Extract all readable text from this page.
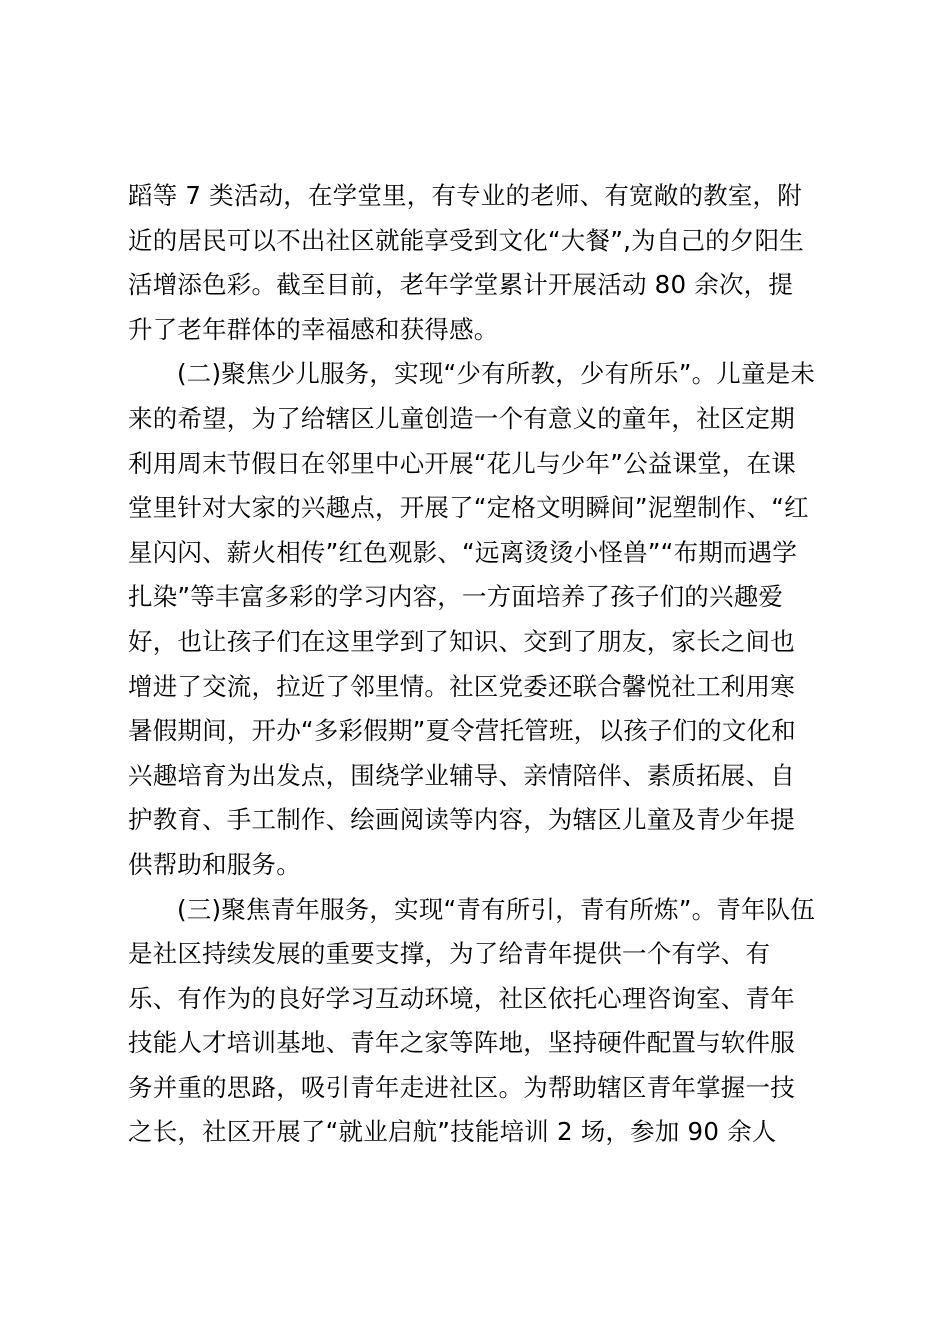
蹈等 7 类活动，在学堂里，有专业的老师、有宽敞的教室，附
近的居民可以不出社区就能享受到文化“大餐”,为自己的夕阳生
活增添色彩。截至目前，老年学堂累计开展活动 80 余次，提
升了老年群体的幸福感和获得感。
(二)聚焦少儿服务，实现“少有所教，少有所乐”。儿童是未
来的希望，为了给辖区儿童创造一个有意义的童年，社区定期
利用周末节假日在邻里中心开展“花儿与少年”公益课堂，在课
堂里针对大家的兴趣点，开展了“定格文明瞬间”泥塑制作、“红
星闪闪、薪火相传”红色观影、“远离烫烫小怪兽”“布期而遇学
扎染”等丰富多彩的学习内容，一方面培养了孩子们的兴趣爱
好，也让孩子们在这里学到了知识、交到了朋友，家长之间也
增进了交流，拉近了邻里情。社区党委还联合馨悦社工利用寒
暑假期间，开办“多彩假期”夏令营托管班，以孩子们的文化和
兴趣培育为出发点，围绕学业辅导、亲情陪伴、素质拓展、自
护教育、手工制作、绘画阅读等内容，为辖区儿童及青少年提
供帮助和服务。
(三)聚焦青年服务，实现“青有所引，青有所炼”。青年队伍
是社区持续发展的重要支撑，为了给青年提供一个有学、有
乐、有作为的良好学习互动环境，社区依托心理咨询室、青年
技能人才培训基地、青年之家等阵地，坚持硬件配置与软件服
务并重的思路，吸引青年走进社区。为帮助辖区青年掌握一技
之长，社区开展了“就业启航”技能培训 2 场，参加 90 余人
